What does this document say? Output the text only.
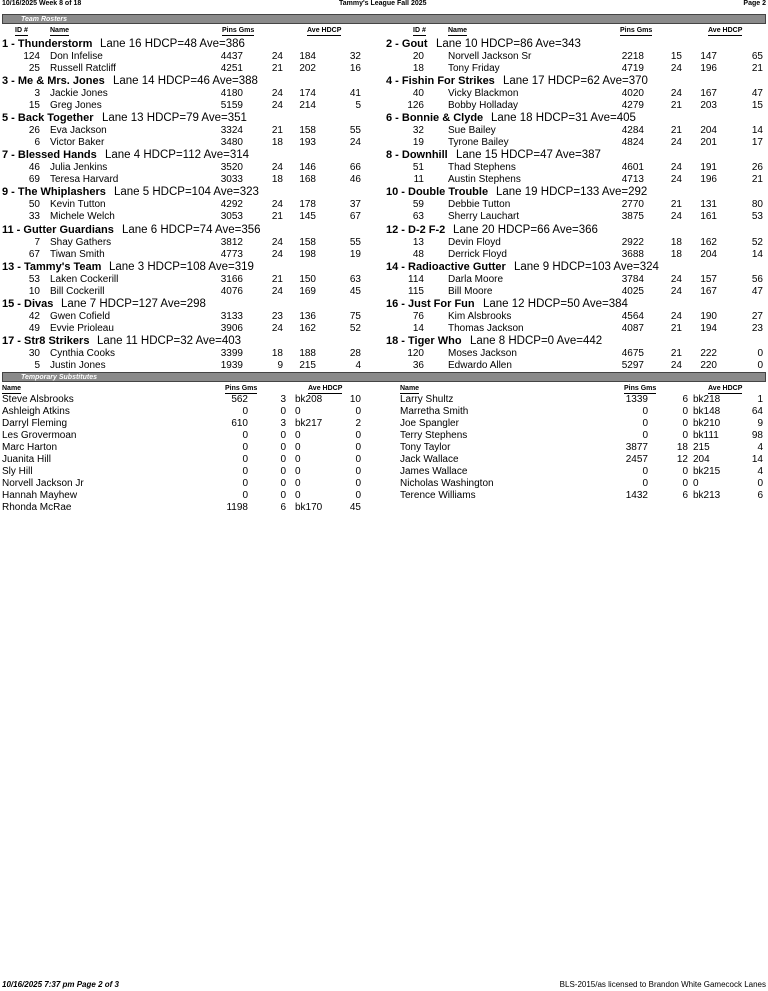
10/16/2025 Week 8 of 18	Tammy's League Fall 2025	Page 2
Team Rosters
ID #	Name	Pins Gms	Ave HDCP	ID #	Name	Pins Gms	Ave HDCP
1 - Thunderstorm Lane 16 HDCP=48 Ave=386
124 Don Infelise	4437	24 184	32
25 Russell Ratcliff	4251	21 202	16
3 - Me & Mrs. Jones Lane 14 HDCP=46 Ave=388
3 Jackie Jones	4180	24 174	41
15 Greg Jones	5159	24 214	5
5 - Back Together Lane 13 HDCP=79 Ave=351
26 Eva Jackson	3324	21 158	55
6 Victor Baker	3480	18 193	24
7 - Blessed Hands Lane 4 HDCP=112 Ave=314
46 Julia Jenkins	3520	24 146	66
69 Teresa Harvard	3033	18 168	46
9 - The Whiplashers Lane 5 HDCP=104 Ave=323
50 Kevin Tutton	4292	24 178	37
33 Michele Welch	3053	21 145	67
11 - Gutter Guardians Lane 6 HDCP=74 Ave=356
7 Shay Gathers	3812	24 158	55
67 Tiwan Smith	4773	24 198	19
13 - Tammy's Team Lane 3 HDCP=108 Ave=319
53 Laken Cockerill	3166	21 150	63
10 Bill Cockerill	4076	24 169	45
15 - Divas Lane 7 HDCP=127 Ave=298
42 Gwen Cofield	3133	23 136	75
49 Evvie Prioleau	3906	24 162	52
17 - Str8 Strikers Lane 11 HDCP=32 Ave=403
30 Cynthia Cooks	3399	18 188	28
5 Justin Jones	1939	9 215	4
2 - Gout Lane 10 HDCP=86 Ave=343
20 Norvell Jackson Sr	2218	15 147	65
18 Tony Friday	4719	24 196	21
4 - Fishin For Strikes Lane 17 HDCP=62 Ave=370
40 Vicky Blackmon	4020	24 167	47
126 Bobby Holladay	4279	21 203	15
6 - Bonnie & Clyde Lane 18 HDCP=31 Ave=405
32 Sue Bailey	4284	21 204	14
19 Tyrone Bailey	4824	24 201	17
8 - Downhill Lane 15 HDCP=47 Ave=387
51 Thad Stephens	4601	24 191	26
11 Austin Stephens	4713	24 196	21
10 - Double Trouble Lane 19 HDCP=133 Ave=292
59 Debbie Tutton	2770	21 131	80
63 Sherry Lauchart	3875	24 161	53
12 - D-2 F-2 Lane 20 HDCP=66 Ave=366
13 Devin Floyd	2922	18 162	52
48 Derrick Floyd	3688	18 204	14
14 - Radioactive Gutter Lane 9 HDCP=103 Ave=324
114 Darla Moore	3784	24 157	56
115 Bill Moore	4025	24 167	47
16 - Just For Fun Lane 12 HDCP=50 Ave=384
76 Kim Alsbrooks	4564	24 190	27
14 Thomas Jackson	4087	21 194	23
18 - Tiger Who Lane 8 HDCP=0 Ave=442
120 Moses Jackson	4675	21 222	0
36 Edwardo Allen	5297	24 220	0
Temporary Substitutes
Name	Pins Gms	Ave HDCP	Name	Pins Gms	Ave HDCP
Steve Alsbrooks	562	3 bk208	10
Ashleigh Atkins	0	0 0	0
Darryl Fleming	610	3 bk217	2
Les Grovermoan	0	0 0	0
Marc Harton	0	0 0	0
Juanita Hill	0	0 0	0
Sly Hill	0	0 0	0
Norvell Jackson Jr	0	0 0	0
Hannah Mayhew	0	0 0	0
Rhonda McRae	1198	6 bk170	45
Larry Shultz	1339	6 bk218	1
Marretha Smith	0	0 bk148	64
Joe Spangler	0	0 bk210	9
Terry Stephens	0	0 bk111	98
Tony Taylor	3877	18 215	4
Jack Wallace	2457	12 204	14
James Wallace	0	0 bk215	4
Nicholas Washington	0	0 0	0
Terence Williams	1432	6 bk213	6
10/16/2025 7:37 pm Page 2 of 3	BLS-2015/as licensed to Brandon White Gamecock Lanes
